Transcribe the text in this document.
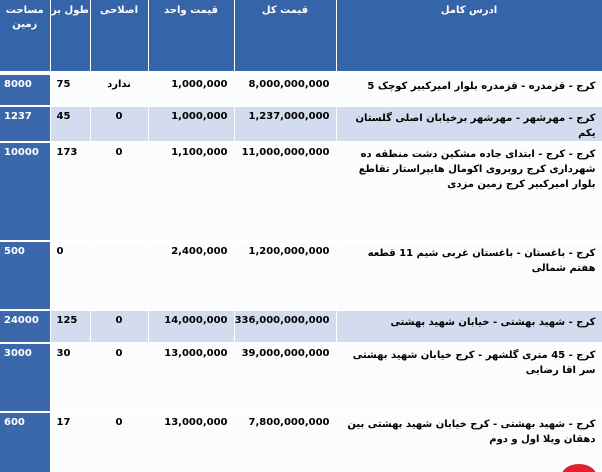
مساحت زمین	طول بر	اصلاحی	قیمت واحد	قیمت کل	ادرس کامل

8000	75	ندارد	1,000,000	8,000,000,000	کرج - قزمدره - قزمدره بلوار امیرکبیر کوچک 5
1237	45	0	1,000,000	1,237,000,000	کرج - مهرشهر - مهرشهر برخیابان اصلی گلستان یکم
10000	173	0	1,100,000	11,000,000,000	کرج - کرج - ابتدای جاده مشکین دشت منطقه ده شهرداری کرج روبروی اکومال هایپراستار تقاطع بلوار امیرکبیر کرج زمین مزدی
500	0		2,400,000	1,200,000,000	کرج - باغستان - باغستان غربی شیم 11 قطعه هفتم شمالی
24000	125	0	14,000,000	336,000,000,000	کرج - شهید بهشتی - خیابان شهید بهشتی
3000	30	0	13,000,000	39,000,000,000	کرج - 45 متری گلشهر - کرج خیابان شهید بهشتی سر اقا رضایی
600	17	0	13,000,000	7,800,000,000	کرج - شهید بهشتی - کرج خیابان شهید بهشتی بین دهقان ویلا اول و دوم
